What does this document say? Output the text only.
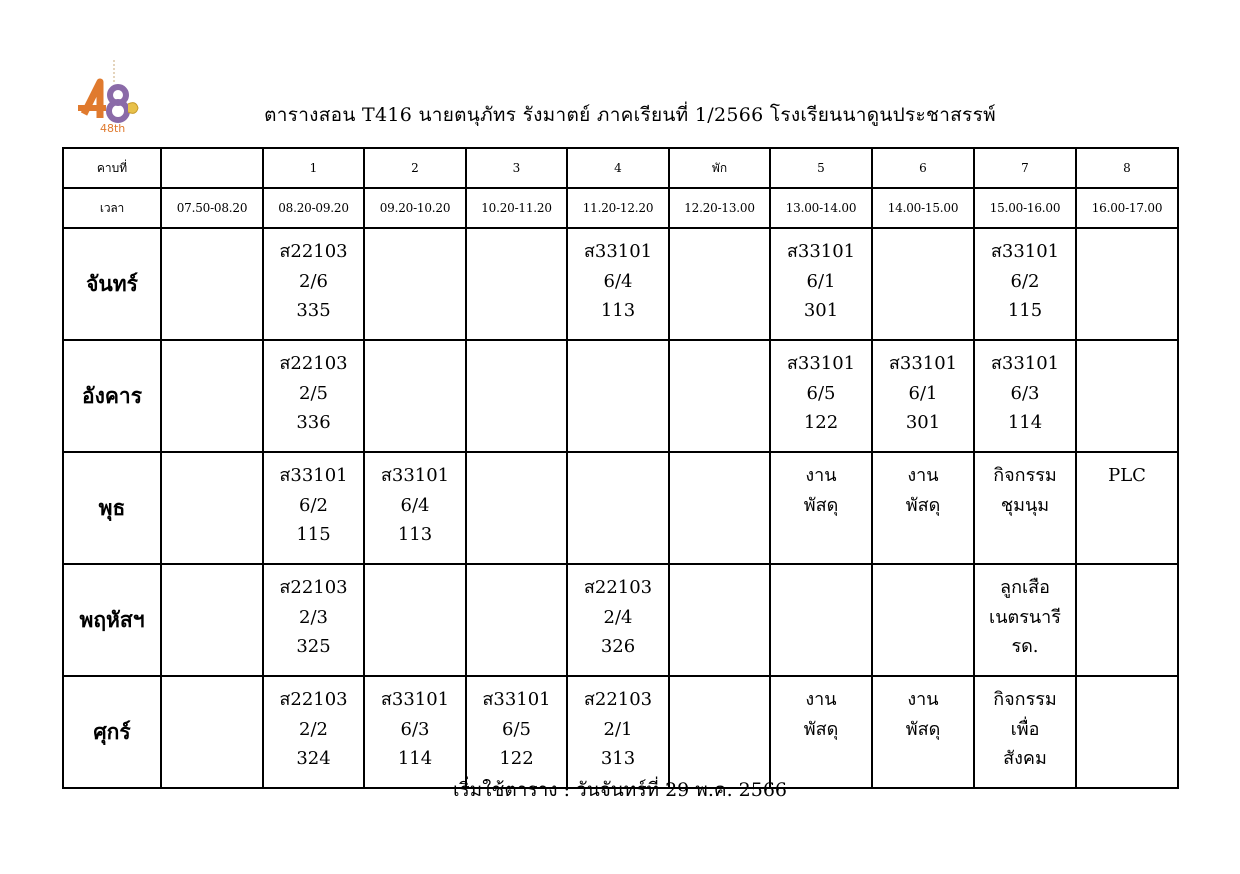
48th
ตารางสอน T416 นายตนุภัทร รังมาตย์ ภาคเรียนที่ 1/2566 โรงเรียนนาดูนประชาสรรพ์
คาบที่		1	2	3	4	พัก	5	6	7	8
เวลา	07.50-08.20	08.20-09.20	09.20-10.20	10.20-11.20	11.20-12.20	12.20-13.00	13.00-14.00	14.00-15.00	15.00-16.00	16.00-17.00
จันทร์		ส22103
2/6
335			ส33101
6/4
113		ส33101
6/1
301		ส33101
6/2
115	

อังคาร		ส22103
2/5
336					ส33101
6/5
122	ส33101
6/1
301	ส33101
6/3
114	

พุธ		ส33101
6/2
115	ส33101
6/4
113				งาน
พัสดุ	งาน
พัสดุ	กิจกรรม
ชุมนุม	PLC

พฤหัสฯ		ส22103
2/3
325			ส22103
2/4
326				ลูกเสือ
เนตรนารี
รด.	

ศุกร์		ส22103
2/2
324	ส33101
6/3
114	ส33101
6/5
122	ส22103
2/1
313		งาน
พัสดุ	งาน
พัสดุ	กิจกรรม
เพื่อ
สังคม	

เริ่มใช้ตาราง : วันจันทร์ที่ 29 พ.ค. 2566
